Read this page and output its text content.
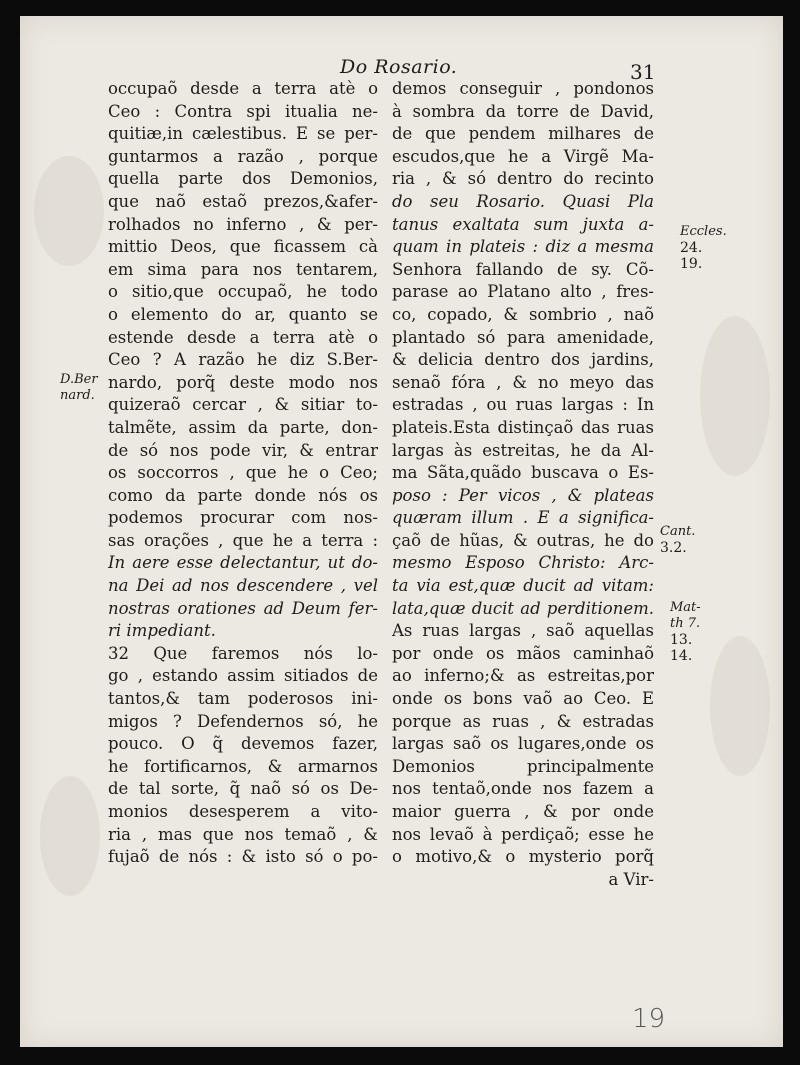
Do Rosario.	31
occupaõ desde a terra atè o
Ceo : Contra spi itualia ne-
quitiæ,in cælestibus. E se per-
guntarmos a razão , porque
quella parte dos Demonios,
que naõ estaõ prezos,&afer-
rolhados no inferno , & per-
mittio Deos, que ficassem cà
em sima para nos tentarem,
o sitio,que occupaõ, he todo
o elemento do ar, quanto se
estende desde a terra atè o
Ceo ? A razão he diz S.Ber-
nardo, porq̃ deste modo nos
quizeraõ cercar , & sitiar to-
talmẽte, assim da parte, don-
de só nos pode vir, & entrar
os soccorros , que he o Ceo;
como da parte donde nós os
podemos procurar com nos-
sas orações , que he a terra :
In aere esse delectantur, ut do-
na Dei ad nos descendere , vel
nostras orationes ad Deum fer-
ri impediant.
32 Que faremos nós lo-
go , estando assim sitiados de
tantos,& tam poderosos ini-
migos ? Defendernos só, he
pouco. O q̃ devemos fazer,
he fortificarnos, & armarnos
de tal sorte, q̃ naõ só os De-
monios desesperem a vito-
ria , mas que nos temaõ , &
fujaõ de nós : & isto só o po-
demos conseguir , pondonos
à sombra da torre de David,
de que pendem milhares de
escudos,que he a Virgẽ Ma-
ria , & só dentro do recinto
do seu Rosario. Quasi Pla
tanus exaltata sum juxta a-
quam in plateis : diz a mesma
Senhora fallando de sy. Cõ-
parase ao Platano alto , fres-
co, copado, & sombrio , naõ
plantado só para amenidade,
& delicia dentro dos jardins,
senaõ fóra , & no meyo das
estradas , ou ruas largas : In
plateis.Esta distinçaõ das ruas
largas às estreitas, he da Al-
ma Sãta,quãdo buscava o Es-
poso : Per vicos , & plateas
quæram illum . E a significa-
çaõ de hũas, & outras, he do
mesmo Esposo Christo: Arc-
ta via est,quæ ducit ad vitam:
lata,quæ ducit ad perditionem.
As ruas largas , saõ aquellas
por onde os mãos caminhaõ
ao inferno;& as estreitas,por
onde os bons vaõ ao Ceo. E
porque as ruas , & estradas
largas saõ os lugares,onde os
Demonios principalmente
nos tentaõ,onde nos fazem a
maior guerra , & por onde
nos levaõ à perdiçaõ; esse he
o motivo,& o mysterio porq̃
a Vir-
D.Ber
nard.
Eccles.
24.
19.
Cant.
3.2.
Mat-
th 7.
13.
14.
19
